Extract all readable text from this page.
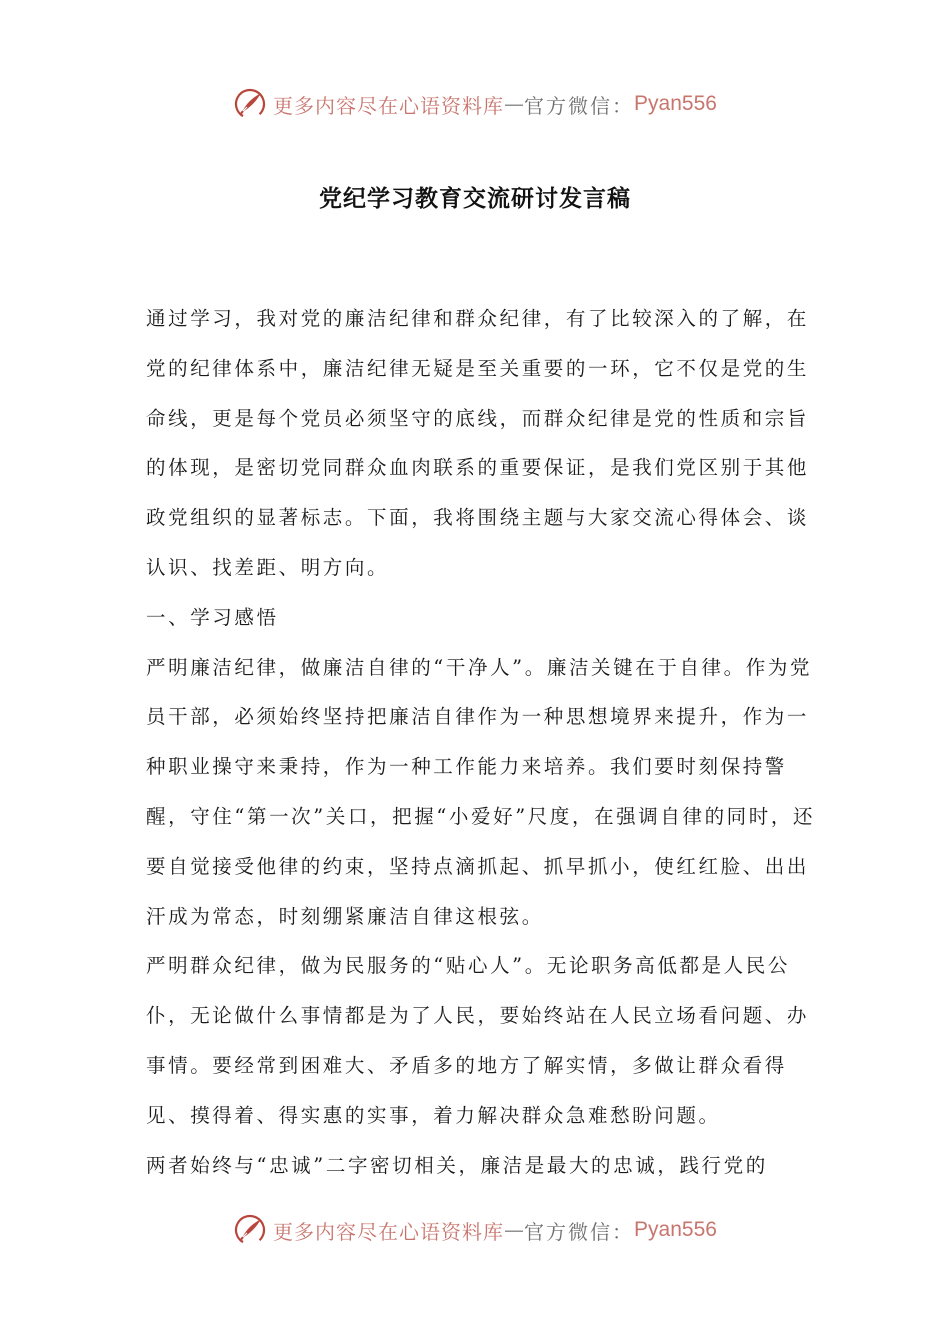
更多内容尽在心语资料库 — 官方微信： Pyan556
党纪学习教育交流研讨发言稿

通过学习，我对党的廉洁纪律和群众纪律，有了比较深入的了解，在党的纪律体系中，廉洁纪律无疑是至关重要的一环，它不仅是党的生命线，更是每个党员必须坚守的底线，而群众纪律是党的性质和宗旨的体现，是密切党同群众血肉联系的重要保证，是我们党区别于其他政党组织的显著标志。下面，我将围绕主题与大家交流心得体会、谈认识、找差距、明方向。

一、学习感悟

严明廉洁纪律，做廉洁自律的“干净人”。廉洁关键在于自律。作为党员干部，必须始终坚持把廉洁自律作为一种思想境界来提升，作为一种职业操守来秉持，作为一种工作能力来培养。我们要时刻保持警醒，守住“第一次”关口，把握“小爱好”尺度，在强调自律的同时，还要自觉接受他律的约束，坚持点滴抓起、抓早抓小，使红红脸、出出汗成为常态，时刻绷紧廉洁自律这根弦。

严明群众纪律，做为民服务的“贴心人”。无论职务高低都是人民公仆，无论做什么事情都是为了人民，要始终站在人民立场看问题、办事情。要经常到困难大、矛盾多的地方了解实情，多做让群众看得见、摸得着、得实惠的实事，着力解决群众急难愁盼问题。

两者始终与“忠诚”二字密切相关，廉洁是最大的忠诚，践行党的

更多内容尽在心语资料库 — 官方微信： Pyan556
